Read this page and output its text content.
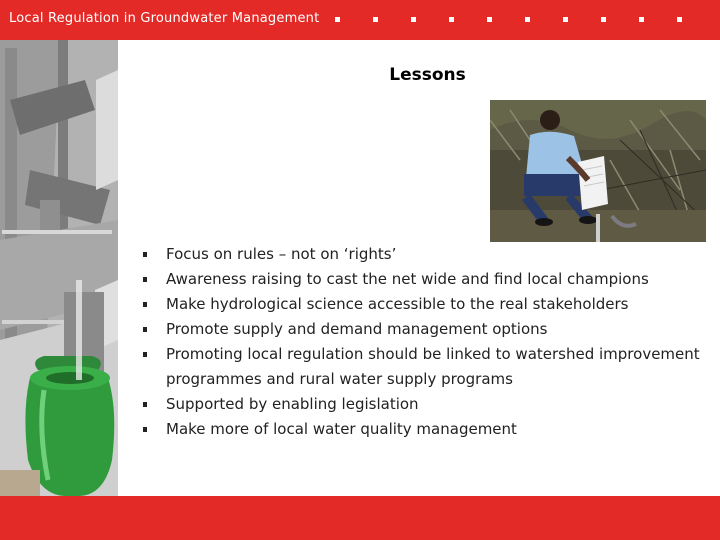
Local Regulation in Groundwater Management
Lessons
Focus on rules – not on ‘rights’
Awareness raising to cast the net wide and find local champions
Make hydrological science accessible to the real stakeholders
Promote supply and demand management options
Promoting local regulation should be linked to watershed improvement programmes and rural water supply programs
Supported by enabling legislation
Make more of local water quality management
